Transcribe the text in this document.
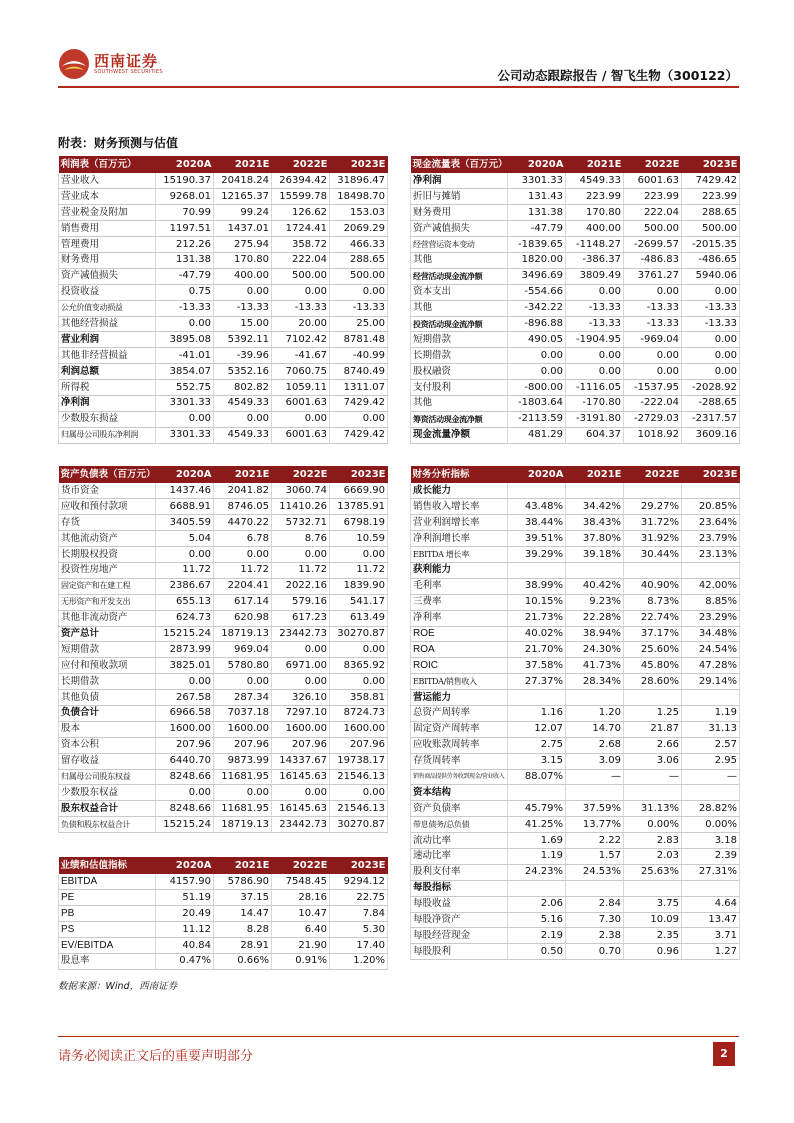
西南证券
SOUTHWEST SECURITIES	公司动态跟踪报告 / 智飞生物（300122）
附表：财务预测与估值
利润表（百万元）	2020A	2021E	2022E	2023E
营业收入	15190.37	20418.24	26394.42	31896.47
营业成本	9268.01	12165.37	15599.78	18498.70
营业税金及附加	70.99	99.24	126.62	153.03
销售费用	1197.51	1437.01	1724.41	2069.29
管理费用	212.26	275.94	358.72	466.33
财务费用	131.38	170.80	222.04	288.65
资产减值损失	-47.79	400.00	500.00	500.00
投资收益	0.75	0.00	0.00	0.00
公允价值变动损益	-13.33	-13.33	-13.33	-13.33
其他经营损益	0.00	15.00	20.00	25.00
营业利润	3895.08	5392.11	7102.42	8781.48
其他非经营损益	-41.01	-39.96	-41.67	-40.99
利润总额	3854.07	5352.16	7060.75	8740.49
所得税	552.75	802.82	1059.11	1311.07
净利润	3301.33	4549.33	6001.63	7429.42
少数股东损益	0.00	0.00	0.00	0.00
归属母公司股东净利润	3301.33	4549.33	6001.63	7429.42
现金流量表（百万元）	2020A	2021E	2022E	2023E
净利润	3301.33	4549.33	6001.63	7429.42
折旧与摊销	131.43	223.99	223.99	223.99
财务费用	131.38	170.80	222.04	288.65
资产减值损失	-47.79	400.00	500.00	500.00
经营营运资本变动	-1839.65	-1148.27	-2699.57	-2015.35
其他	1820.00	-386.37	-486.83	-486.65
经营活动现金流净额	3496.69	3809.49	3761.27	5940.06
资本支出	-554.66	0.00	0.00	0.00
其他	-342.22	-13.33	-13.33	-13.33
投资活动现金流净额	-896.88	-13.33	-13.33	-13.33
短期借款	490.05	-1904.95	-969.04	0.00
长期借款	0.00	0.00	0.00	0.00
股权融资	0.00	0.00	0.00	0.00
支付股利	-800.00	-1116.05	-1537.95	-2028.92
其他	-1803.64	-170.80	-222.04	-288.65
筹资活动现金流净额	-2113.59	-3191.80	-2729.03	-2317.57
现金流量净额	481.29	604.37	1018.92	3609.16
资产负债表（百万元）	2020A	2021E	2022E	2023E
货币资金	1437.46	2041.82	3060.74	6669.90
应收和预付款项	6688.91	8746.05	11410.26	13785.91
存货	3405.59	4470.22	5732.71	6798.19
其他流动资产	5.04	6.78	8.76	10.59
长期股权投资	0.00	0.00	0.00	0.00
投资性房地产	11.72	11.72	11.72	11.72
固定资产和在建工程	2386.67	2204.41	2022.16	1839.90
无形资产和开发支出	655.13	617.14	579.16	541.17
其他非流动资产	624.73	620.98	617.23	613.49
资产总计	15215.24	18719.13	23442.73	30270.87
短期借款	2873.99	969.04	0.00	0.00
应付和预收款项	3825.01	5780.80	6971.00	8365.92
长期借款	0.00	0.00	0.00	0.00
其他负债	267.58	287.34	326.10	358.81
负债合计	6966.58	7037.18	7297.10	8724.73
股本	1600.00	1600.00	1600.00	1600.00
资本公积	207.96	207.96	207.96	207.96
留存收益	6440.70	9873.99	14337.67	19738.17
归属母公司股东权益	8248.66	11681.95	16145.63	21546.13
少数股东权益	0.00	0.00	0.00	0.00
股东权益合计	8248.66	11681.95	16145.63	21546.13
负债和股东权益合计	15215.24	18719.13	23442.73	30270.87
财务分析指标	2020A	2021E	2022E	2023E
成长能力				
销售收入增长率	43.48%	34.42%	29.27%	20.85%
营业利润增长率	38.44%	38.43%	31.72%	23.64%
净利润增长率	39.51%	37.80%	31.92%	23.79%
EBITDA 增长率	39.29%	39.18%	30.44%	23.13%
获利能力				
毛利率	38.99%	40.42%	40.90%	42.00%
三费率	10.15%	9.23%	8.73%	8.85%
净利率	21.73%	22.28%	22.74%	23.29%
ROE	40.02%	38.94%	37.17%	34.48%
ROA	21.70%	24.30%	25.60%	24.54%
ROIC	37.58%	41.73%	45.80%	47.28%
EBITDA/销售收入	27.37%	28.34%	28.60%	29.14%
营运能力				
总资产周转率	1.16	1.20	1.25	1.19
固定资产周转率	12.07	14.70	21.87	31.13
应收账款周转率	2.75	2.68	2.66	2.57
存货周转率	3.15	3.09	3.06	2.95
销售商品提供劳务收到现金/营业收入	88.07%	—	—	—
资本结构				
资产负债率	45.79%	37.59%	31.13%	28.82%
带息债务/总负债	41.25%	13.77%	0.00%	0.00%
流动比率	1.69	2.22	2.83	3.18
速动比率	1.19	1.57	2.03	2.39
股利支付率	24.23%	24.53%	25.63%	27.31%
每股指标				
每股收益	2.06	2.84	3.75	4.64
每股净资产	5.16	7.30	10.09	13.47
每股经营现金	2.19	2.38	2.35	3.71
每股股利	0.50	0.70	0.96	1.27
业绩和估值指标	2020A	2021E	2022E	2023E
EBITDA	4157.90	5786.90	7548.45	9294.12
PE	51.19	37.15	28.16	22.75
PB	20.49	14.47	10.47	7.84
PS	11.12	8.28	6.40	5.30
EV/EBITDA	40.84	28.91	21.90	17.40
股息率	0.47%	0.66%	0.91%	1.20%
数据来源：Wind，西南证券
请务必阅读正文后的重要声明部分	2
